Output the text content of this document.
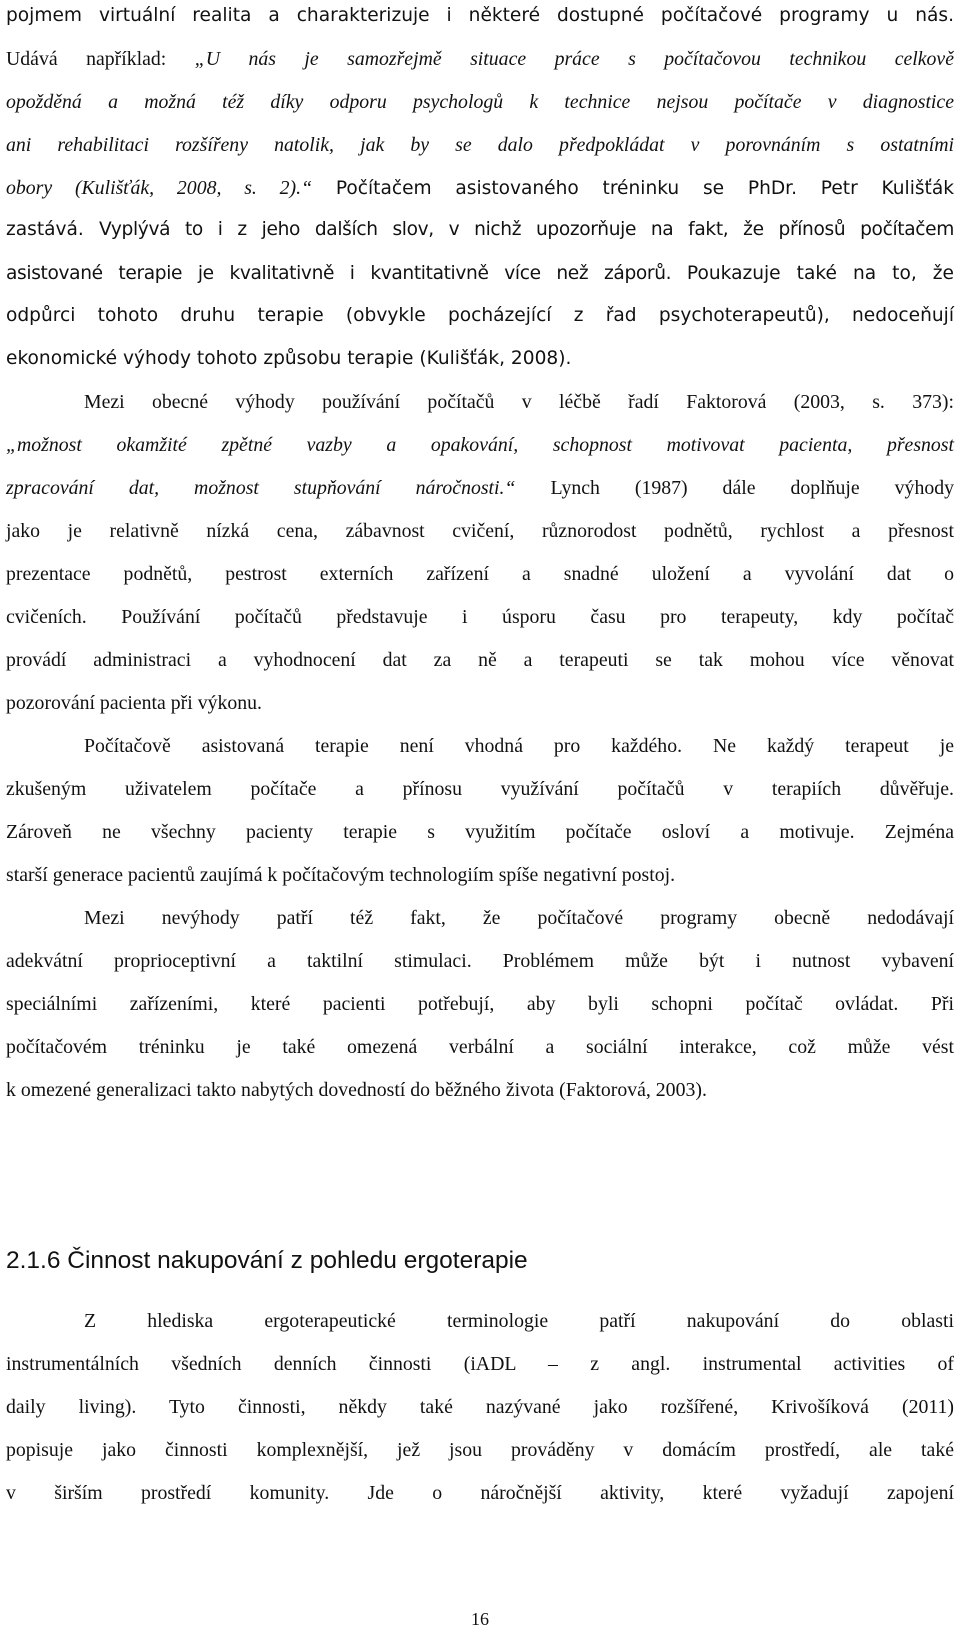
pojmem virtuální realita a charakterizuje i některé dostupné počítačové programy u nás.
Udává například: „U nás je samozřejmě situace práce s počítačovou technikou celkově
opožděná a možná též díky odporu psychologů k technice nejsou počítače v diagnostice
ani rehabilitaci rozšířeny natolik, jak by se dalo předpokládat v porovnáním s ostatními
obory (Kulišťák, 2008, s. 2).“ Počítačem asistovaného tréninku se PhDr. Petr Kulišťák
zastává. Vyplývá to i z jeho dalších slov, v nichž upozorňuje na fakt, že přínosů počítačem
asistované terapie je kvalitativně i kvantitativně více než záporů. Poukazuje také na to, že
odpůrci tohoto druhu terapie (obvykle pocházející z řad psychoterapeutů), nedoceňují
ekonomické výhody tohoto způsobu terapie (Kulišťák, 2008).
Mezi obecné výhody používání počítačů v léčbě řadí Faktorová (2003, s. 373):
„možnost okamžité zpětné vazby a opakování, schopnost motivovat pacienta, přesnost
zpracování dat, možnost stupňování náročnosti.“ Lynch (1987) dále doplňuje výhody
jako je relativně nízká cena, zábavnost cvičení, různorodost podnětů, rychlost a přesnost
prezentace podnětů, pestrost externích zařízení a snadné uložení a vyvolání dat o
cvičeních. Používání počítačů představuje i úsporu času pro terapeuty, kdy počítač
provádí administraci a vyhodnocení dat za ně a terapeuti se tak mohou více věnovat
pozorování pacienta při výkonu.
Počítačově asistovaná terapie není vhodná pro každého. Ne každý terapeut je
zkušeným uživatelem počítače a přínosu využívání počítačů v terapiích důvěřuje.
Zároveň ne všechny pacienty terapie s využitím počítače osloví a motivuje. Zejména
starší generace pacientů zaujímá k počítačovým technologiím spíše negativní postoj.
Mezi nevýhody patří též fakt, že počítačové programy obecně nedodávají
adekvátní proprioceptivní a taktilní stimulaci. Problémem může být i nutnost vybavení
speciálními zařízeními, které pacienti potřebují, aby byli schopni počítač ovládat. Při
počítačovém tréninku je také omezená verbální a sociální interakce, což může vést
k omezené generalizaci takto nabytých dovedností do běžného života (Faktorová, 2003).
2.1.6 Činnost nakupování z pohledu ergoterapie
Z hlediska ergoterapeutické terminologie patří nakupování do oblasti
instrumentálních všedních denních činnosti (iADL – z angl. instrumental activities of
daily living). Tyto činnosti, někdy také nazývané jako rozšířené, Krivošíková (2011)
popisuje jako činnosti komplexnější, jež jsou prováděny v domácím prostředí, ale také
v širším prostředí komunity. Jde o náročnější aktivity, které vyžadují zapojení
16
